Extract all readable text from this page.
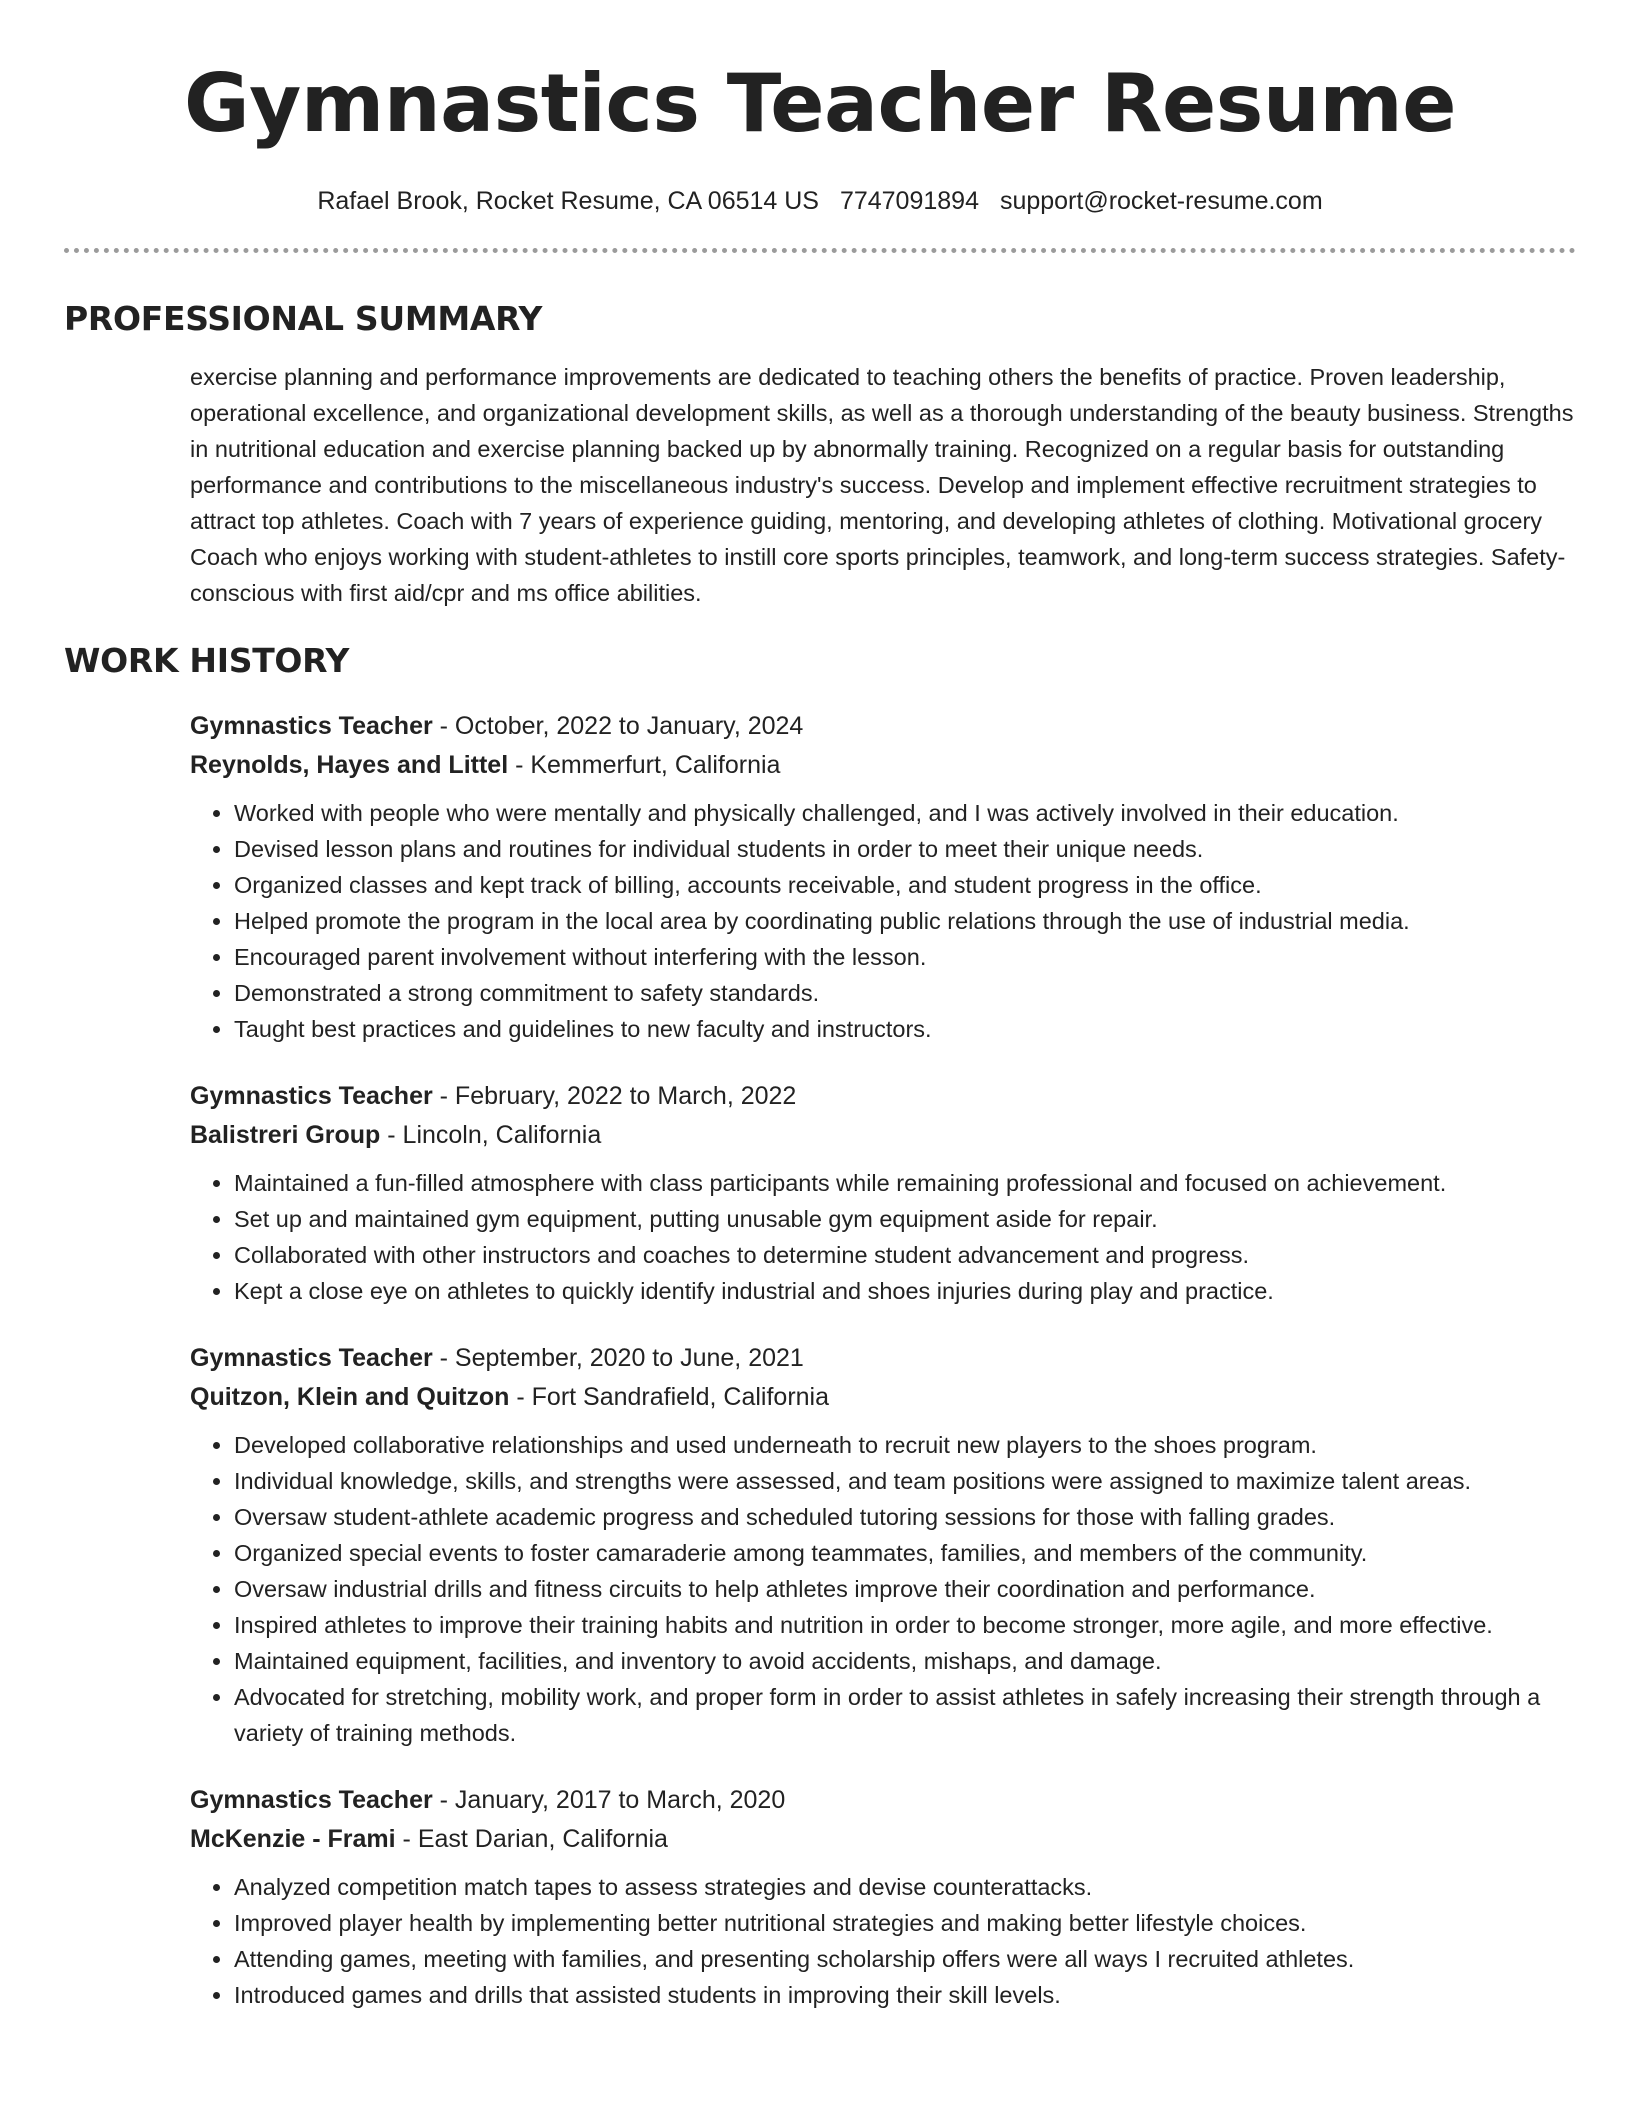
Gymnastics Teacher Resume
Rafael Brook, Rocket Resume, CA 06514 US 7747091894 support@rocket-resume.com
PROFESSIONAL SUMMARY

exercise planning and performance improvements are dedicated to teaching others the benefits of practice. Proven leadership, operational excellence, and organizational development skills, as well as a thorough understanding of the beauty business. Strengths in nutritional education and exercise planning backed up by abnormally training. Recognized on a regular basis for outstanding performance and contributions to the miscellaneous industry's success. Develop and implement effective recruitment strategies to attract top athletes. Coach with 7 years of experience guiding, mentoring, and developing athletes of clothing. Motivational grocery Coach who enjoys working with student-athletes to instill core sports principles, teamwork, and long-term success strategies. Safety-conscious with first aid/cpr and ms office abilities.

WORK HISTORY
Gymnastics Teacher - October, 2022 to January, 2024
Reynolds, Hayes and Littel - Kemmerfurt, California
• Worked with people who were mentally and physically challenged, and I was actively involved in their education.
• Devised lesson plans and routines for individual students in order to meet their unique needs.
• Organized classes and kept track of billing, accounts receivable, and student progress in the office.
• Helped promote the program in the local area by coordinating public relations through the use of industrial media.
• Encouraged parent involvement without interfering with the lesson.
• Demonstrated a strong commitment to safety standards.
• Taught best practices and guidelines to new faculty and instructors.
Gymnastics Teacher - February, 2022 to March, 2022
Balistreri Group - Lincoln, California
• Maintained a fun-filled atmosphere with class participants while remaining professional and focused on achievement.
• Set up and maintained gym equipment, putting unusable gym equipment aside for repair.
• Collaborated with other instructors and coaches to determine student advancement and progress.
• Kept a close eye on athletes to quickly identify industrial and shoes injuries during play and practice.
Gymnastics Teacher - September, 2020 to June, 2021
Quitzon, Klein and Quitzon - Fort Sandrafield, California
• Developed collaborative relationships and used underneath to recruit new players to the shoes program.
• Individual knowledge, skills, and strengths were assessed, and team positions were assigned to maximize talent areas.
• Oversaw student-athlete academic progress and scheduled tutoring sessions for those with falling grades.
• Organized special events to foster camaraderie among teammates, families, and members of the community.
• Oversaw industrial drills and fitness circuits to help athletes improve their coordination and performance.
• Inspired athletes to improve their training habits and nutrition in order to become stronger, more agile, and more effective.
• Maintained equipment, facilities, and inventory to avoid accidents, mishaps, and damage.
• Advocated for stretching, mobility work, and proper form in order to assist athletes in safely increasing their strength through a variety of training methods.
Gymnastics Teacher - January, 2017 to March, 2020
McKenzie - Frami - East Darian, California
• Analyzed competition match tapes to assess strategies and devise counterattacks.
• Improved player health by implementing better nutritional strategies and making better lifestyle choices.
• Attending games, meeting with families, and presenting scholarship offers were all ways I recruited athletes.
• Introduced games and drills that assisted students in improving their skill levels.
